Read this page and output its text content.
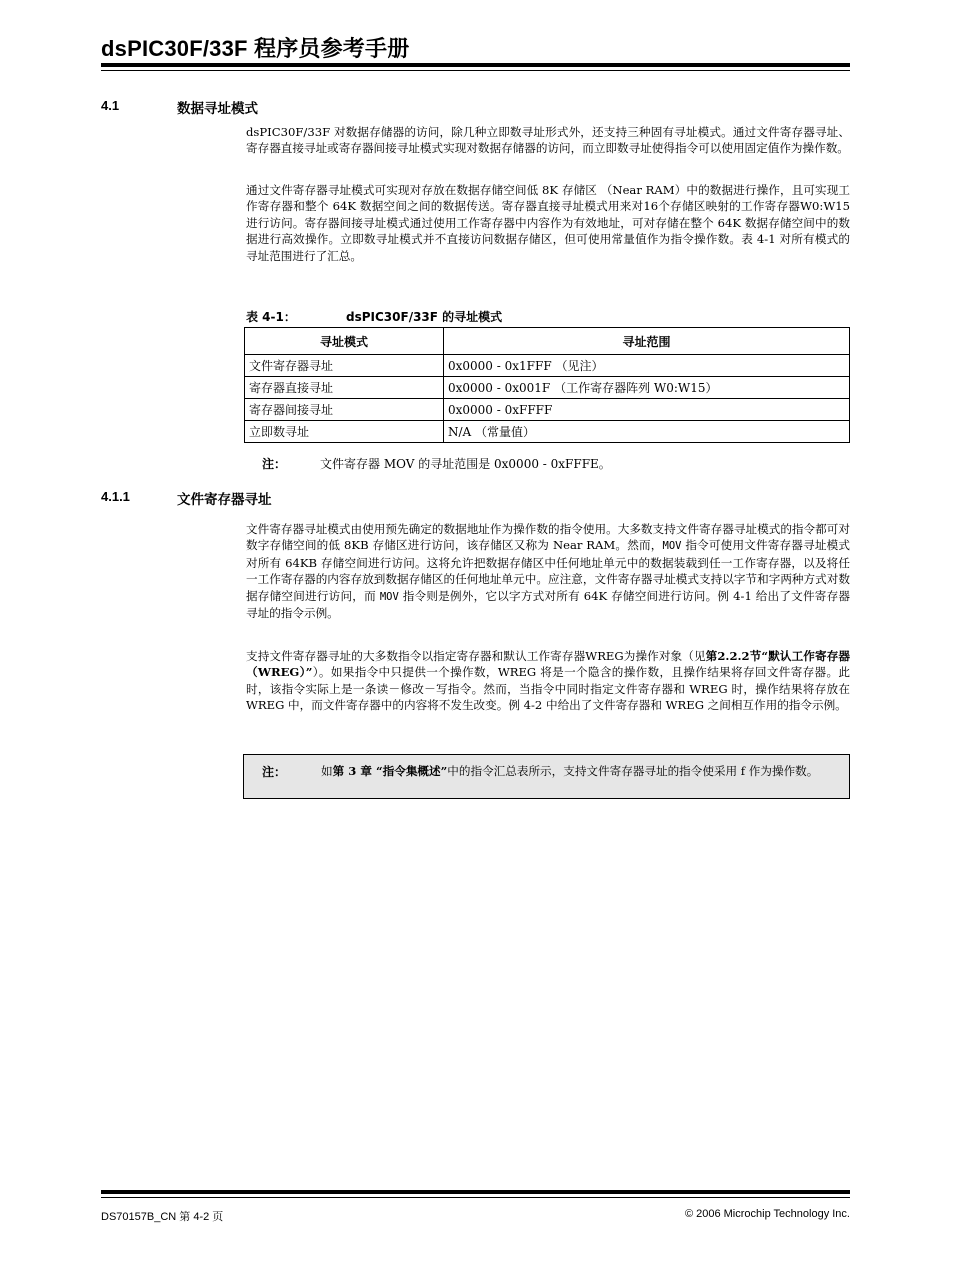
dsPIC30F/33F 程序员参考手册
4.1	数据寻址模式

dsPIC30F/33F 对数据存储器的访问，除几种立即数寻址形式外，还支持三种固有寻址模式。通过文件寄存器寻址、寄存器直接寻址或寄存器间接寻址模式实现对数据存储器的访问，而立即数寻址使得指令可以使用固定值作为操作数。

通过文件寄存器寻址模式可实现对存放在数据存储空间低 8K 存储区 （Near RAM）中的数据进行操作，且可实现工作寄存器和整个 64K 数据空间之间的数据传送。寄存器直接寻址模式用来对16个存储区映射的工作寄存器W0:W15进行访问。寄存器间接寻址模式通过使用工作寄存器中内容作为有效地址，可对存储在整个 64K 数据存储空间中的数据进行高效操作。立即数寻址模式并不直接访问数据存储区，但可使用常量值作为指令操作数。表 4-1 对所有模式的寻址范围进行了汇总。

表 4-1：	dsPIC30F/33F 的寻址模式
寻址模式	寻址范围
文件寄存器寻址	0x0000 - 0x1FFF （见注）
寄存器直接寻址	0x0000 - 0x001F （工作寄存器阵列 W0:W15）
寄存器间接寻址	0x0000 - 0xFFFF
立即数寻址	N/A （常量值）
注：	文件寄存器 MOV 的寻址范围是 0x0000 - 0xFFFE。
4.1.1	文件寄存器寻址

文件寄存器寻址模式由使用预先确定的数据地址作为操作数的指令使用。大多数支持文件寄存器寻址模式的指令都可对数字存储空间的低 8KB 存储区进行访问，该存储区又称为 Near RAM。然而，MOV 指令可使用文件寄存器寻址模式对所有 64KB 存储空间进行访问。这将允许把数据存储区中任何地址单元中的数据装载到任一工作寄存器，以及将任一工作寄存器的内容存放到数据存储区的任何地址单元中。应注意，文件寄存器寻址模式支持以字节和字两种方式对数据存储空间进行访问，而 MOV 指令则是例外，它以字方式对所有 64K 存储空间进行访问。例 4-1 给出了文件寄存器寻址的指令示例。

支持文件寄存器寻址的大多数指令以指定寄存器和默认工作寄存器WREG为操作对象（见第2.2.2节“默认工作寄存器（WREG）”）。如果指令中只提供一个操作数，WREG 将是一个隐含的操作数，且操作结果将存回文件寄存器。此时，该指令实际上是一条读－修改－写指令。然而，当指令中同时指定文件寄存器和 WREG 时，操作结果将存放在 WREG 中，而文件寄存器中的内容将不发生改变。例 4-2 中给出了文件寄存器和 WREG 之间相互作用的指令示例。

注：	如第 3 章 “指令集概述”中的指令汇总表所示，支持文件寄存器寻址的指令使采用 f 作为操作数。
DS70157B_CN 第 4-2 页	© 2006 Microchip Technology Inc.
